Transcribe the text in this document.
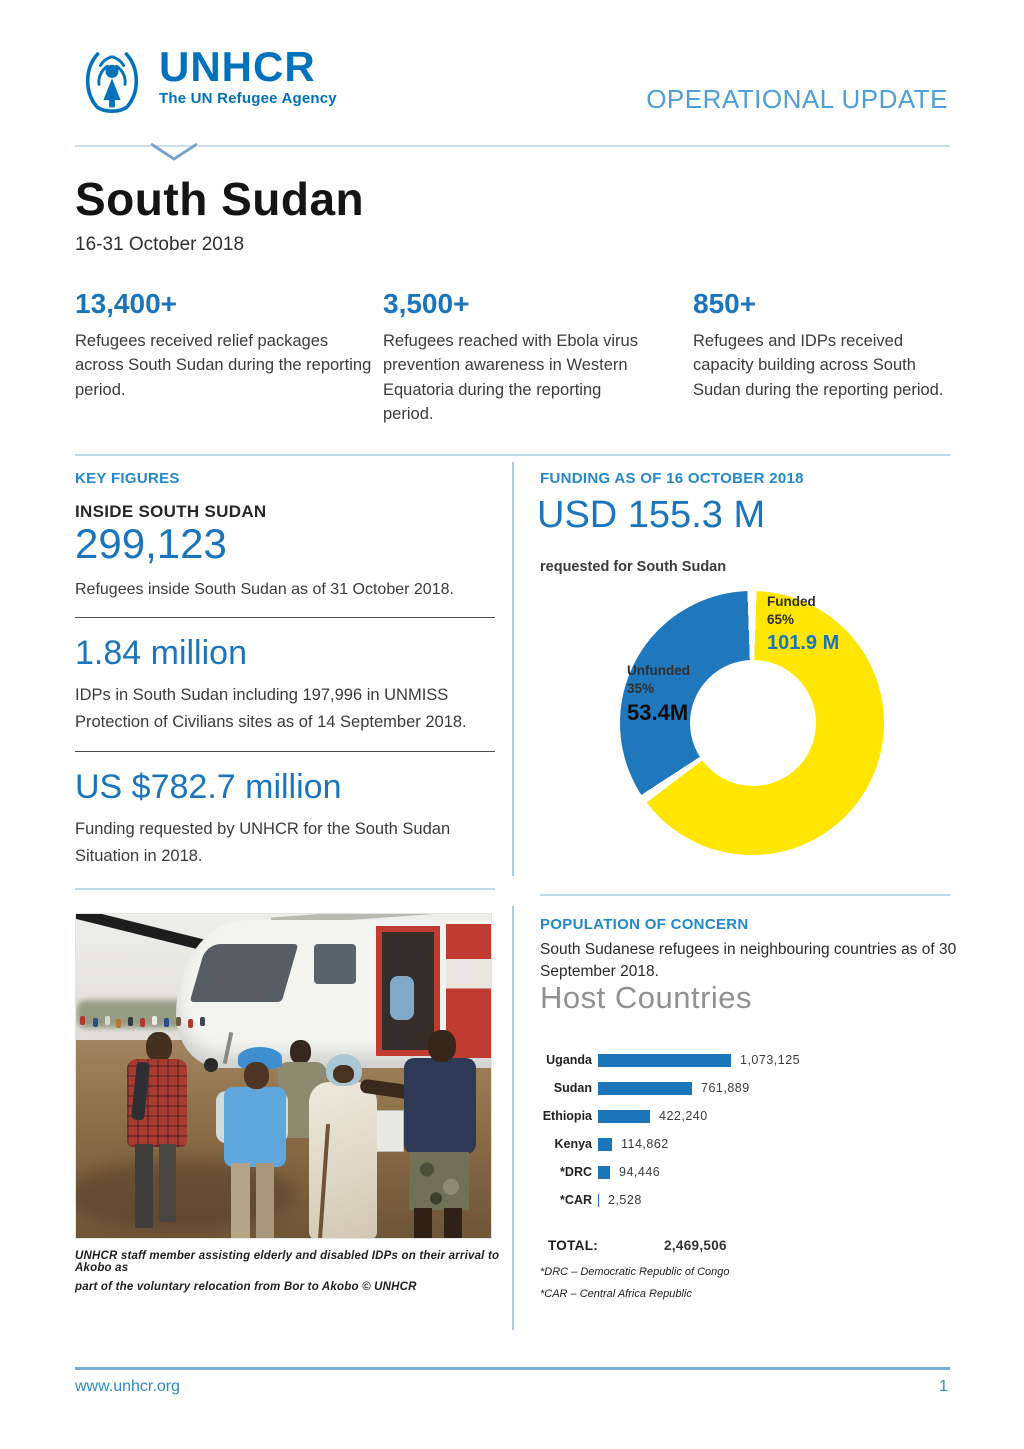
UNHCR
The UN Refugee Agency	OPERATIONAL UPDATE
South Sudan
16-31 October 2018
13,400+
Refugees received relief packages across South Sudan during the reporting period.
3,500+
Refugees reached with Ebola virus prevention awareness in Western Equatoria during the reporting period.
850+
Refugees and IDPs received capacity building across South Sudan during the reporting period.
KEY FIGURES
INSIDE SOUTH SUDAN
299,123
Refugees inside South Sudan as of 31 October 2018.
1.84 million
IDPs in South Sudan including 197,996 in UNMISS Protection of Civilians sites as of 14 September 2018.
US $782.7 million
Funding requested by UNHCR for the South Sudan Situation in 2018.
FUNDING AS OF 16 OCTOBER 2018
USD 155.3 M
requested for South Sudan
Funded
65%
101.9 M
Unfunded
35%
53.4M
POPULATION OF CONCERN
South Sudanese refugees in neighbouring countries as of 30 September 2018.
Host Countries
Uganda	1,073,125
Sudan	761,889
Ethiopia	422,240
Kenya	114,862
*DRC	94,446
*CAR	2,528
TOTAL:	2,469,506
*DRC – Democratic Republic of Congo
*CAR – Central Africa Republic
UNHCR staff member assisting elderly and disabled IDPs on their arrival to Akobo as
part of the voluntary relocation from Bor to Akobo © UNHCR
www.unhcr.org	1
